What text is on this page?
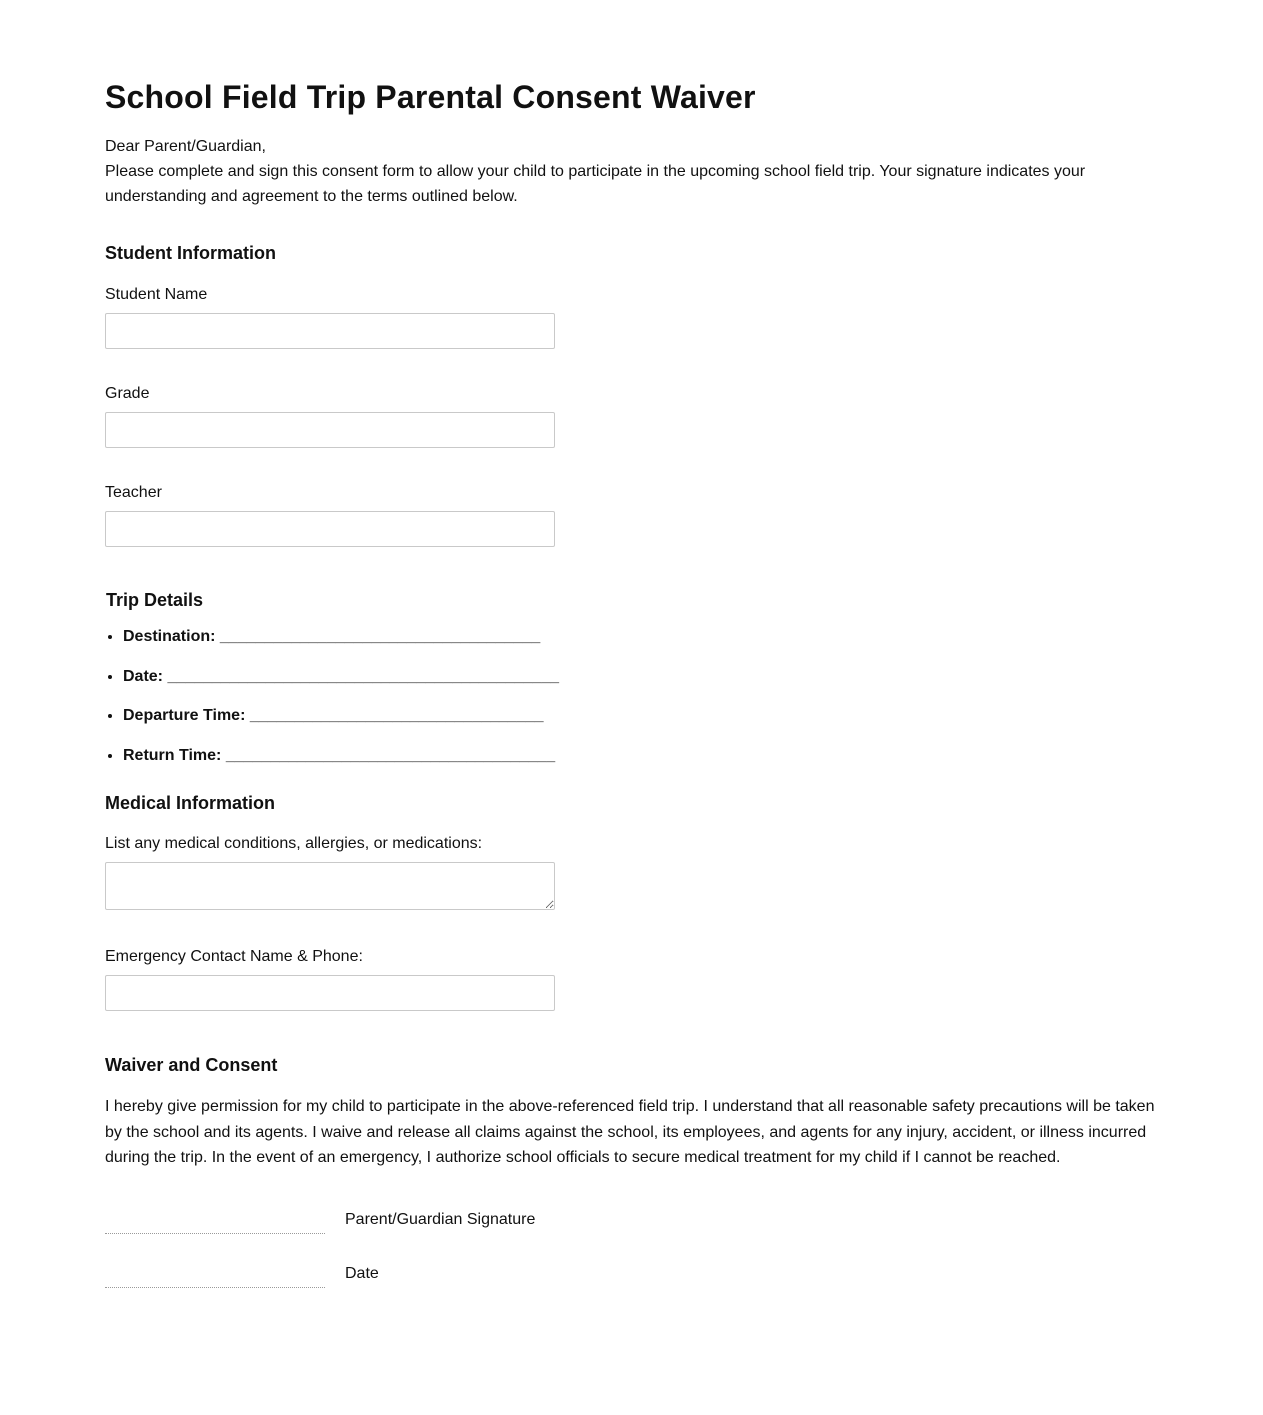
School Field Trip Parental Consent Waiver

Dear Parent/Guardian,

Please complete and sign this consent form to allow your child to participate in the upcoming school field trip. Your signature indicates your understanding and agreement to the terms outlined below.

Student Information
Student Name
Grade
Teacher
Trip Details
• Destination: ____________________________________
• Date: ____________________________________________
• Departure Time: _________________________________
• Return Time: _____________________________________
Medical Information
List any medical conditions, allergies, or medications:
Emergency Contact Name & Phone:
Waiver and Consent

I hereby give permission for my child to participate in the above-referenced field trip. I understand that all reasonable safety precautions will be taken by the school and its agents. I waive and release all claims against the school, its employees, and agents for any injury, accident, or illness incurred during the trip. In the event of an emergency, I authorize school officials to secure medical treatment for my child if I cannot be reached.

Parent/Guardian Signature
Date
